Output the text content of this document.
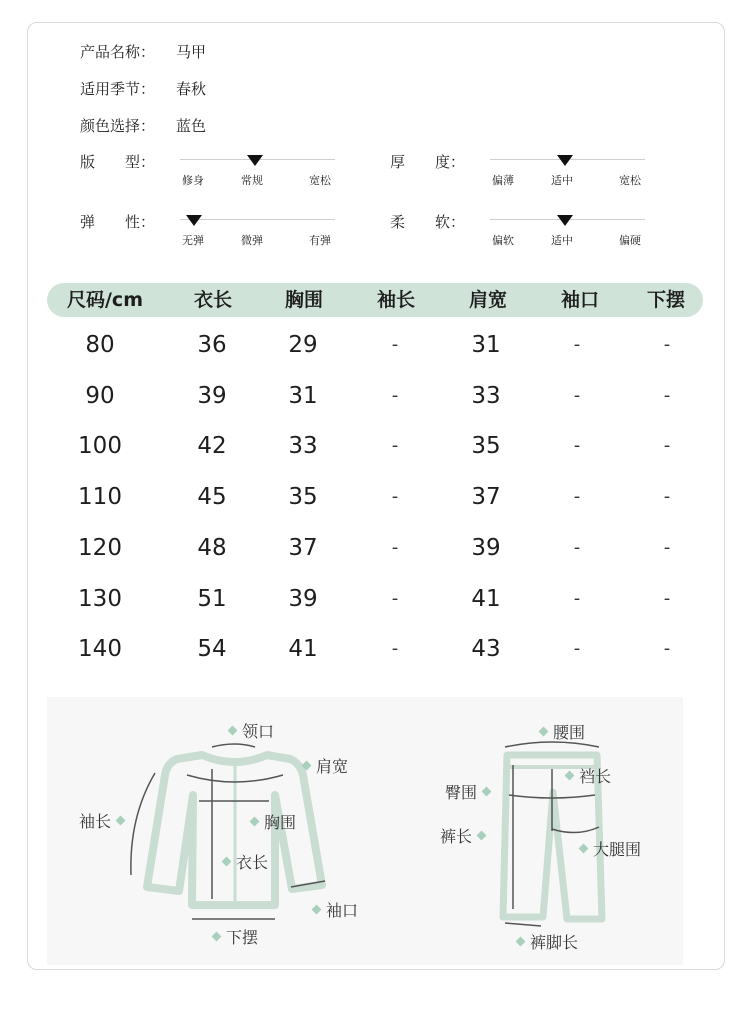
产品名称： 马甲
适用季节： 春秋
颜色选择： 蓝色
版　　型：
修身	常规	宽松
厚　　度：
偏薄	适中	宽松
弹　　性：
无弹	微弹	有弹
柔　　软：
偏软	适中	偏硬
尺码/cm	衣长	胸围	袖长	肩宽	袖口	下摆
80	36	29	-	31	-	-
90	39	31	-	33	-	-
100	42	33	-	35	-	-
110	45	35	-	37	-	-
120	48	37	-	39	-	-
130	51	39	-	41	-	-
140	54	41	-	43	-	-
领口
肩宽
袖长	胸围
衣长
袖口
下摆
腰围
裆长
臀围
裤长
大腿围
裤脚长
